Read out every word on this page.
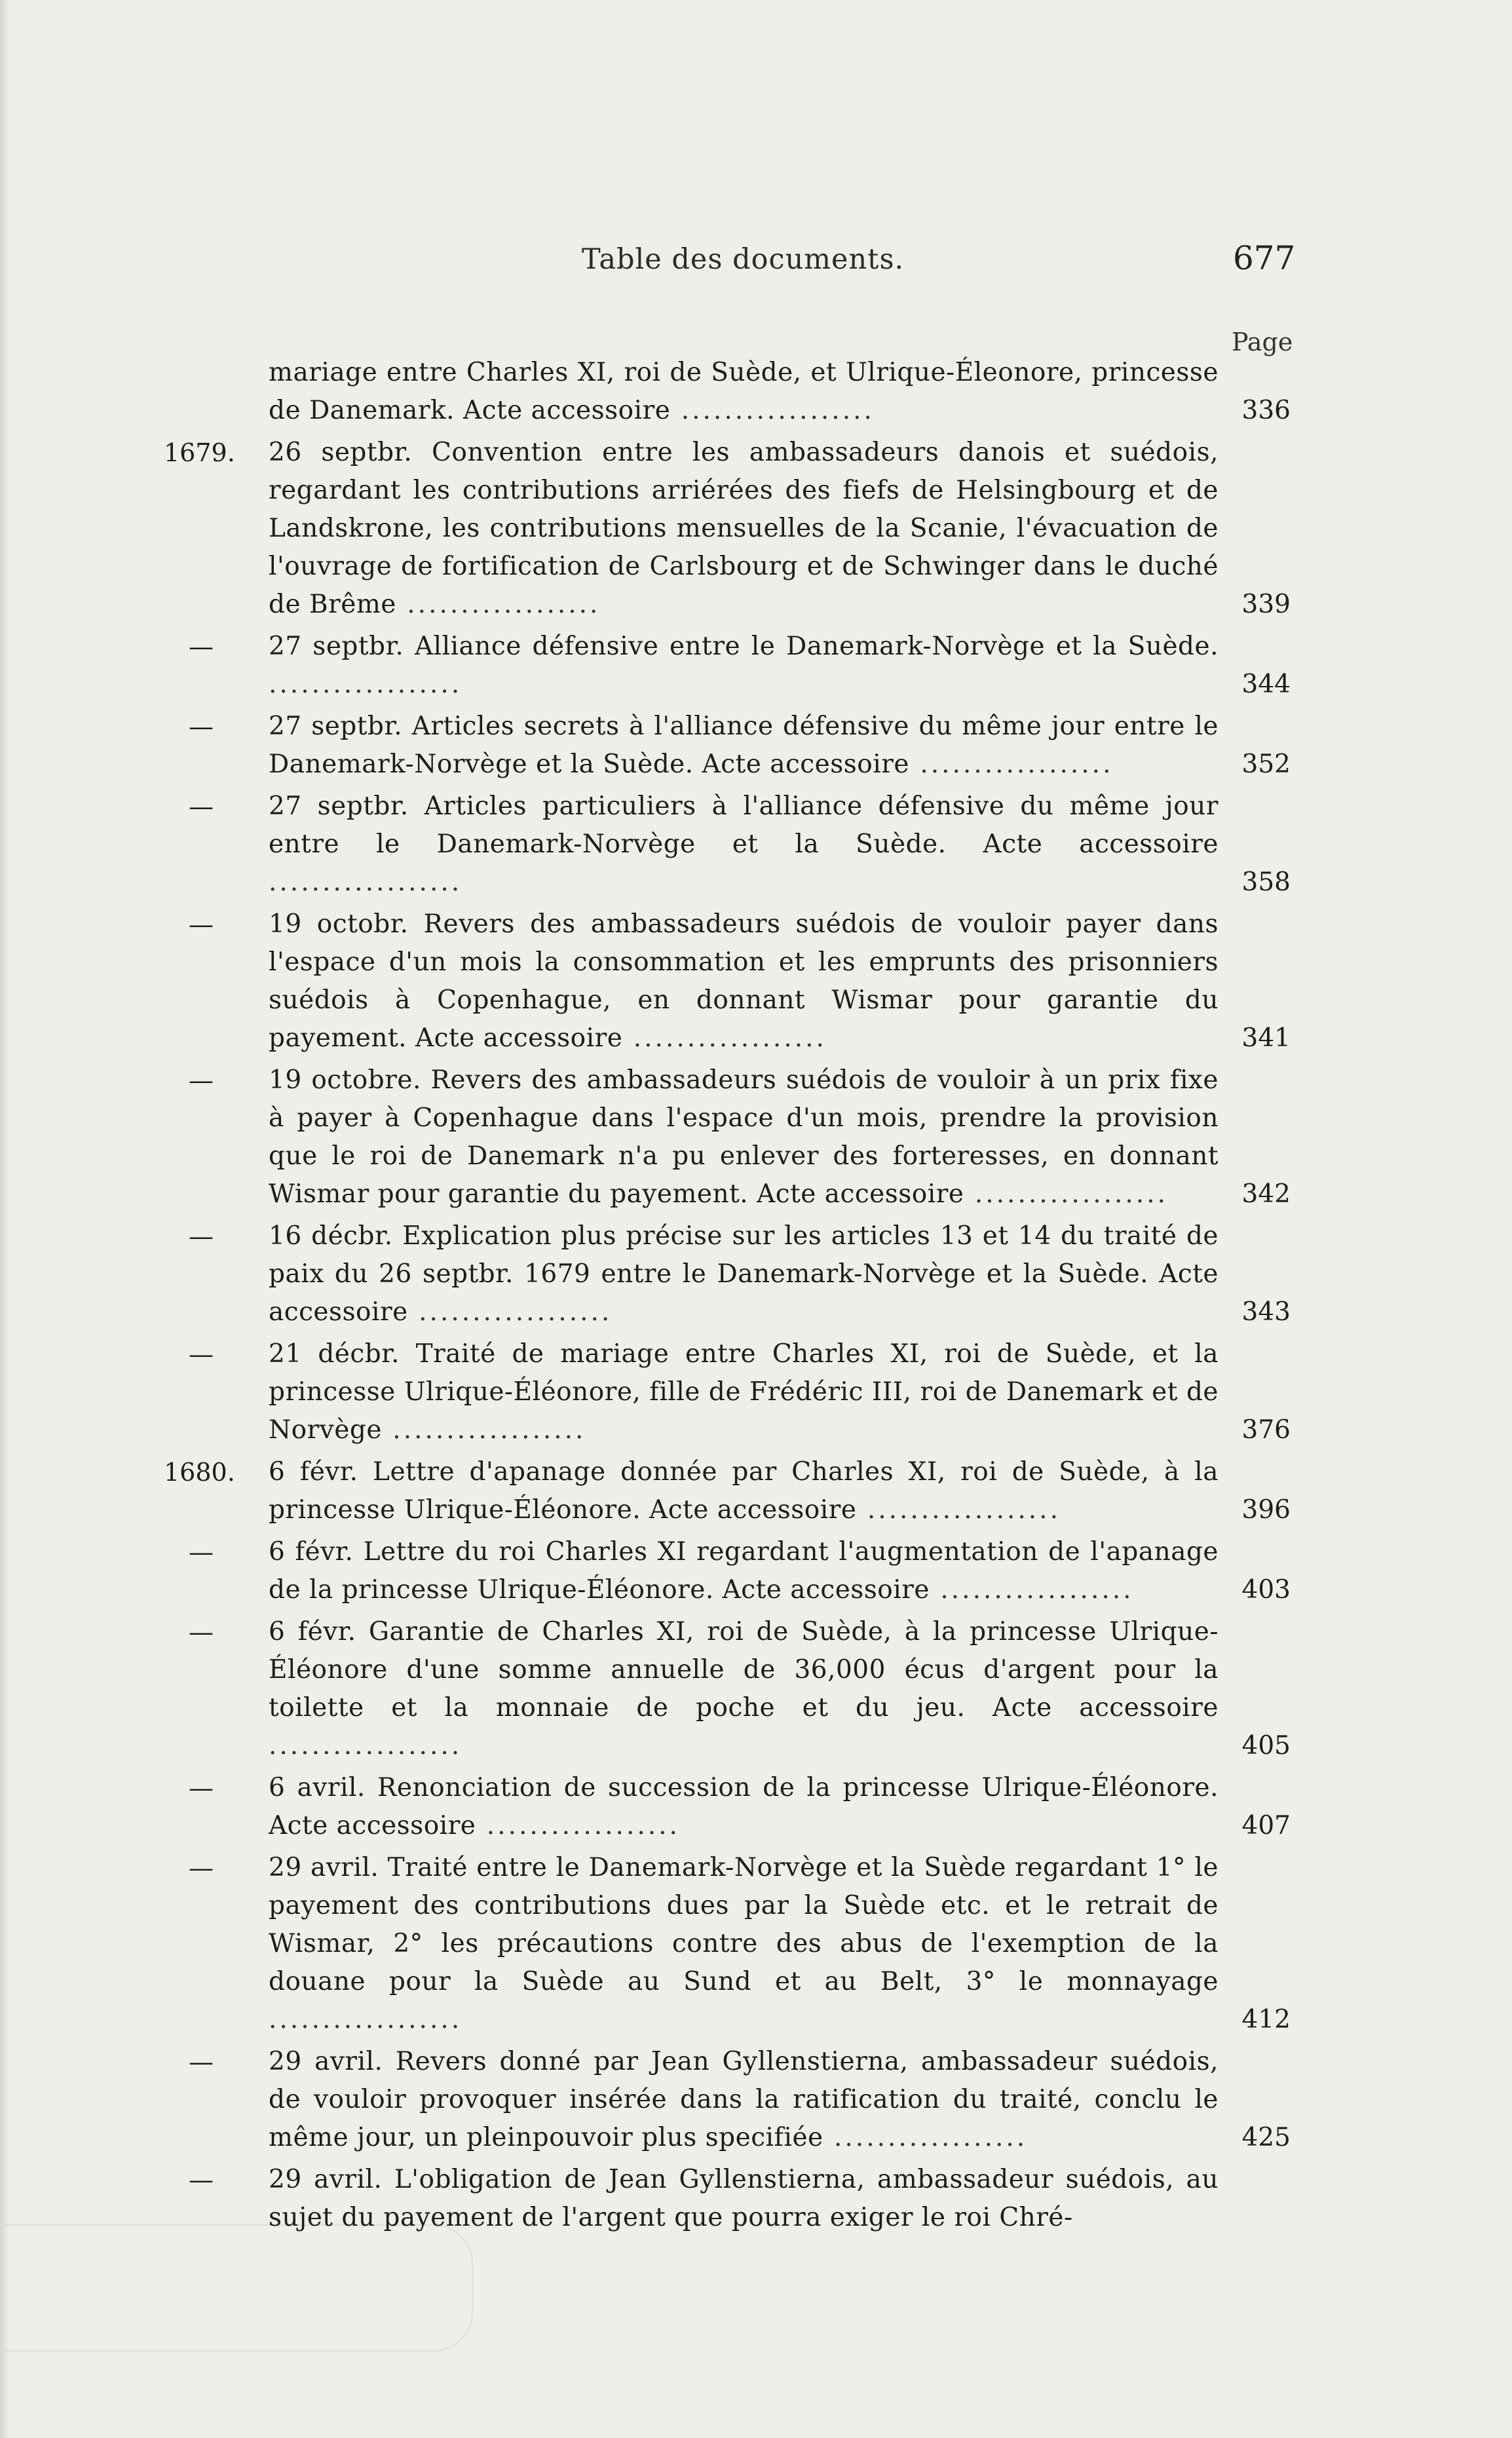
Table des documents.	677
Page
mariage entre Charles XI, roi de Suède, et Ulrique-Éleonore, princesse de Danemark. Acte accessoire ..................	336
1679.	26 septbr. Convention entre les ambassadeurs danois et suédois, regardant les contributions arriérées des fiefs de Helsingbourg et de Landskrone, les contributions mensuelles de la Scanie, l'évacuation de l'ouvrage de fortification de Carlsbourg et de Schwinger dans le duché de Brême ..................	339
— 27 septbr. Alliance défensive entre le Danemark-Norvège et la Suède. ..................	344
— 27 septbr. Articles secrets à l'alliance défensive du même jour entre le Danemark-Norvège et la Suède. Acte accessoire ..................	352
— 27 septbr. Articles particuliers à l'alliance défensive du même jour entre le Danemark-Norvège et la Suède. Acte accessoire ..................	358
— 19 octobr. Revers des ambassadeurs suédois de vouloir payer dans l'espace d'un mois la consommation et les emprunts des prisonniers suédois à Copenhague, en donnant Wismar pour garantie du payement. Acte accessoire ..................	341
— 19 octobre. Revers des ambassadeurs suédois de vouloir à un prix fixe à payer à Copenhague dans l'espace d'un mois, prendre la provision que le roi de Danemark n'a pu enlever des forteresses, en donnant Wismar pour garantie du payement. Acte accessoire ..................	342
— 16 décbr. Explication plus précise sur les articles 13 et 14 du traité de paix du 26 septbr. 1679 entre le Danemark-Norvège et la Suède. Acte accessoire ..................	343
— 21 décbr. Traité de mariage entre Charles XI, roi de Suède, et la princesse Ulrique-Éléonore, fille de Frédéric III, roi de Danemark et de Norvège ..................	376
1680.	6 févr. Lettre d'apanage donnée par Charles XI, roi de Suède, à la princesse Ulrique-Éléonore. Acte accessoire ..................	396
— 6 févr. Lettre du roi Charles XI regardant l'augmentation de l'apanage de la princesse Ulrique-Éléonore. Acte accessoire ..................	403
— 6 févr. Garantie de Charles XI, roi de Suède, à la princesse Ulrique-Éléonore d'une somme annuelle de 36,000 écus d'argent pour la toilette et la monnaie de poche et du jeu. Acte accessoire ..................	405
— 6 avril. Renonciation de succession de la princesse Ulrique-Éléonore. Acte accessoire ..................	407
— 29 avril. Traité entre le Danemark-Norvège et la Suède regardant 1° le payement des contributions dues par la Suède etc. et le retrait de Wismar, 2° les précautions contre des abus de l'exemption de la douane pour la Suède au Sund et au Belt, 3° le monnayage ..................	412
— 29 avril. Revers donné par Jean Gyllenstierna, ambassadeur suédois, de vouloir provoquer insérée dans la ratification du traité, conclu le même jour, un pleinpouvoir plus specifiée ..................	425
— 29 avril. L'obligation de Jean Gyllenstierna, ambassadeur suédois, au sujet du payement de l'argent que pourra exiger le roi Chré-
